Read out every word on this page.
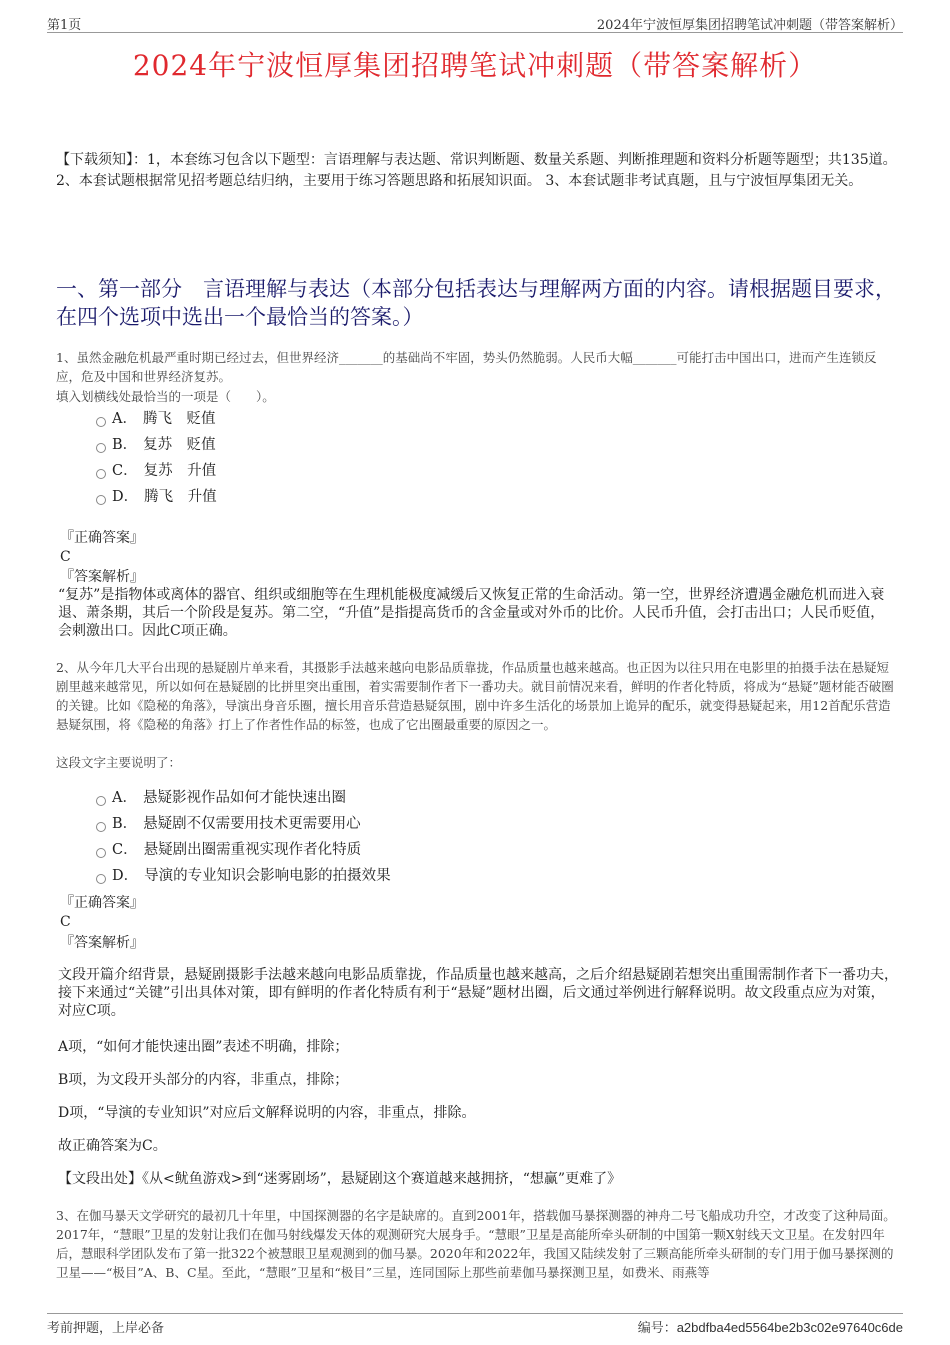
第1页	2024年宁波恒厚集团招聘笔试冲刺题（带答案解析）
2024年宁波恒厚集团招聘笔试冲刺题（带答案解析）
【下载须知】：1，本套练习包含以下题型：言语理解与表达题、常识判断题、数量关系题、判断推理题和资料分析题等题型；共135道。 2、本套试题根据常见招考题总结归纳，主要用于练习答题思路和拓展知识面。 3、本套试题非考试真题，且与宁波恒厚集团无关。
一、第一部分　言语理解与表达（本部分包括表达与理解两方面的内容。请根据题目要求，在四个选项中选出一个最恰当的答案。）
1、虽然金融危机最严重时期已经过去，但世界经济_______的基础尚不牢固，势头仍然脆弱。人民币大幅_______可能打击中国出口，进而产生连锁反应，危及中国和世界经济复苏。
填入划横线处最恰当的一项是（　　）。
A． 腾飞　贬值
B． 复苏　贬值
C． 复苏　升值
D． 腾飞　升值
『正确答案』
C
『答案解析』
“复苏”是指物体或离体的器官、组织或细胞等在生理机能极度减缓后又恢复正常的生命活动。第一空，世界经济遭遇金融危机而进入衰退、萧条期，其后一个阶段是复苏。第二空，“升值”是指提高货币的含金量或对外币的比价。人民币升值，会打击出口；人民币贬值，会刺激出口。因此C项正确。
2、从今年几大平台出现的悬疑剧片单来看，其摄影手法越来越向电影品质靠拢，作品质量也越来越高。也正因为以往只用在电影里的拍摄手法在悬疑短剧里越来越常见，所以如何在悬疑剧的比拼里突出重围，着实需要制作者下一番功夫。就目前情况来看，鲜明的作者化特质，将成为“悬疑”题材能否破圈的关键。比如《隐秘的角落》，导演出身音乐圈，擅长用音乐营造悬疑氛围，剧中许多生活化的场景加上诡异的配乐，就变得悬疑起来，用12首配乐营造悬疑氛围，将《隐秘的角落》打上了作者性作品的标签，也成了它出圈最重要的原因之一。
这段文字主要说明了：
A． 悬疑影视作品如何才能快速出圈
B． 悬疑剧不仅需要用技术更需要用心
C． 悬疑剧出圈需重视实现作者化特质
D． 导演的专业知识会影响电影的拍摄效果
『正确答案』
C
『答案解析』
文段开篇介绍背景，悬疑剧摄影手法越来越向电影品质靠拢，作品质量也越来越高，之后介绍悬疑剧若想突出重围需制作者下一番功夫，接下来通过“关键”引出具体对策，即有鲜明的作者化特质有利于“悬疑”题材出圈，后文通过举例进行解释说明。故文段重点应为对策，对应C项。
A项，“如何才能快速出圈”表述不明确，排除；
B项，为文段开头部分的内容，非重点，排除；
D项，“导演的专业知识”对应后文解释说明的内容，非重点，排除。
故正确答案为C。
【文段出处】《从<鱿鱼游戏>到“迷雾剧场”，悬疑剧这个赛道越来越拥挤，“想赢”更难了》
3、在伽马暴天文学研究的最初几十年里，中国探测器的名字是缺席的。直到2001年，搭载伽马暴探测器的神舟二号飞船成功升空，才改变了这种局面。2017年，“慧眼”卫星的发射让我们在伽马射线爆发天体的观测研究大展身手。“慧眼”卫星是高能所牵头研制的中国第一颗X射线天文卫星。在发射四年后，慧眼科学团队发布了第一批322个被慧眼卫星观测到的伽马暴。2020年和2022年，我国又陆续发射了三颗高能所牵头研制的专门用于伽马暴探测的卫星——“极目”A、B、C星。至此，“慧眼”卫星和“极目”三星，连同国际上那些前辈伽马暴探测卫星，如费米、雨燕等
考前押题，上岸必备	编号：a2bdfba4ed5564be2b3c02e97640c6de
